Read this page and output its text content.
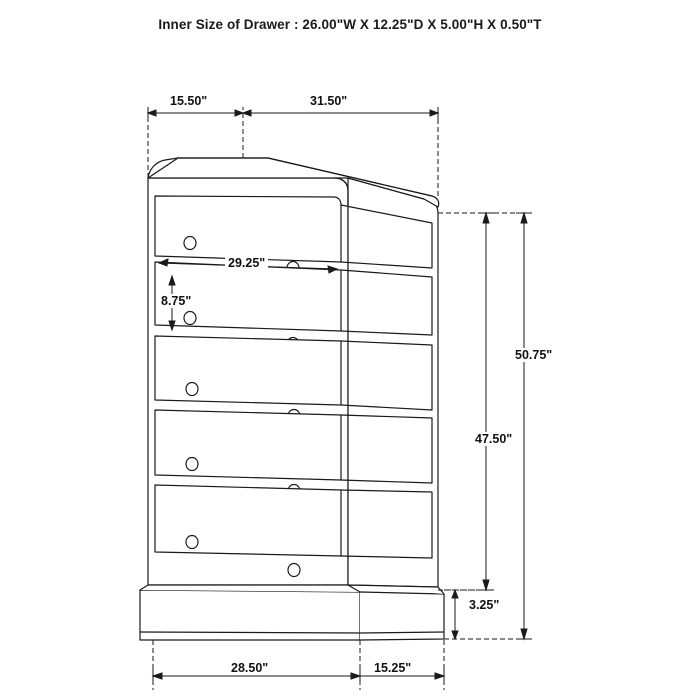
Inner Size of Drawer : 26.00"W X 12.25"D X 5.00"H X 0.50"T
15.50"	31.50"
29.25"
8.75"
50.75"
47.50"
3.25"
28.50"	15.25"
